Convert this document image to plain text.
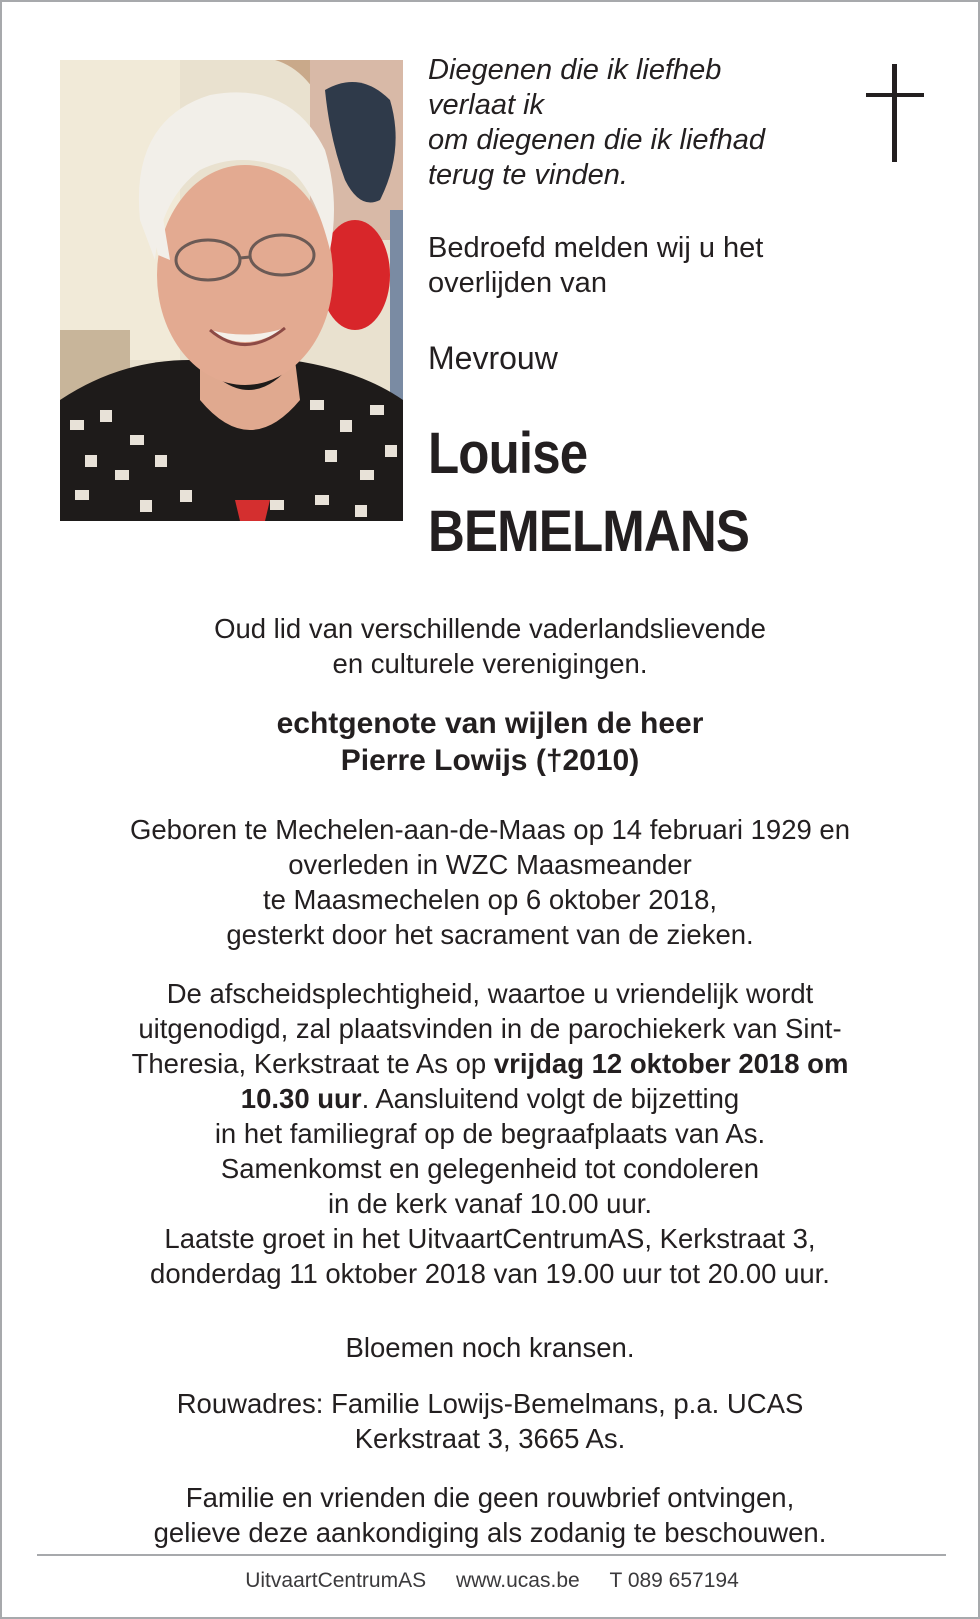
Diegenen die ik liefheb
verlaat ik
om diegenen die ik liefhad
terug te vinden.
Bedroefd melden wij u het
overlijden van
Mevrouw
Louise
BEMELMANS
Oud lid van verschillende vaderlandslievende
en culturele verenigingen.
echtgenote van wijlen de heer
Pierre Lowijs (†2010)
Geboren te Mechelen-aan-de-Maas op 14 februari 1929 en
overleden in WZC Maasmeander
te Maasmechelen op 6 oktober 2018,
gesterkt door het sacrament van de zieken.
De afscheidsplechtigheid, waartoe u vriendelijk wordt
uitgenodigd, zal plaatsvinden in de parochiekerk van Sint-
Theresia, Kerkstraat te As op vrijdag 12 oktober 2018 om
10.30 uur. Aansluitend volgt de bijzetting
in het familiegraf op de begraafplaats van As.
Samenkomst en gelegenheid tot condoleren
in de kerk vanaf 10.00 uur.
Laatste groet in het UitvaartCentrumAS, Kerkstraat 3,
donderdag 11 oktober 2018 van 19.00 uur tot 20.00 uur.
Bloemen noch kransen.
Rouwadres: Familie Lowijs-Bemelmans, p.a. UCAS
Kerkstraat 3, 3665 As.
Familie en vrienden die geen rouwbrief ontvingen,
gelieve deze aankondiging als zodanig te beschouwen.
UitvaartCentrumAS www.ucas.be T 089 657194
